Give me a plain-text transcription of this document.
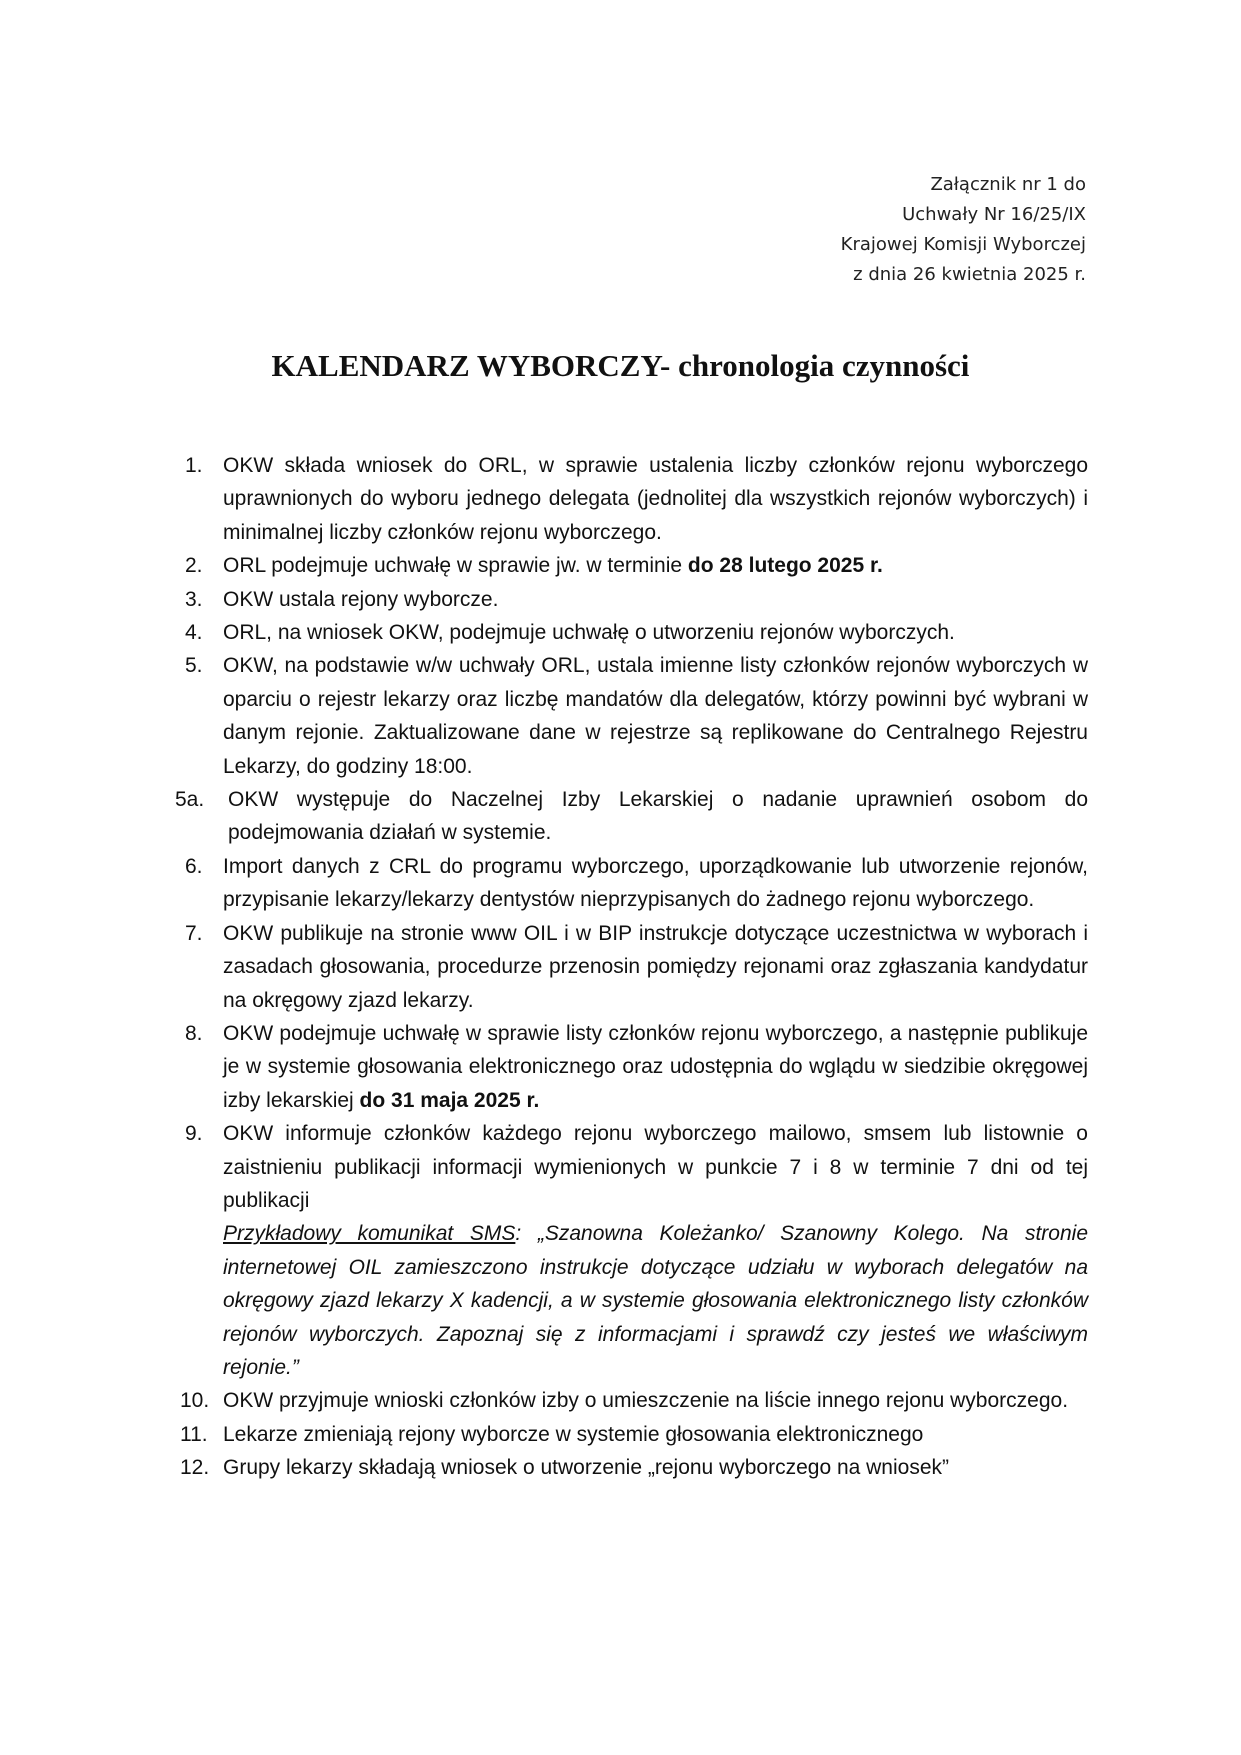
Załącznik nr 1 do
Uchwały Nr 16/25/IX
Krajowej Komisji Wyborczej
z dnia 26 kwietnia 2025 r.
KALENDARZ WYBORCZY- chronologia czynności
1. OKW składa wniosek do ORL, w sprawie ustalenia liczby członków rejonu wyborczego uprawnionych do wyboru jednego delegata (jednolitej dla wszystkich rejonów wyborczych) i minimalnej liczby członków rejonu wyborczego.
2. ORL podejmuje uchwałę w sprawie jw. w terminie do 28 lutego 2025 r.
3. OKW ustala rejony wyborcze.
4. ORL, na wniosek OKW, podejmuje uchwałę o utworzeniu rejonów wyborczych.
5. OKW, na podstawie w/w uchwały ORL, ustala imienne listy członków rejonów wyborczych w oparciu o rejestr lekarzy oraz liczbę mandatów dla delegatów, którzy powinni być wybrani w danym rejonie. Zaktualizowane dane w rejestrze są replikowane do Centralnego Rejestru Lekarzy, do godziny 18:00.
5a. OKW występuje do Naczelnej Izby Lekarskiej o nadanie uprawnień osobom do podejmowania działań w systemie.
6. Import danych z CRL do programu wyborczego, uporządkowanie lub utworzenie rejonów, przypisanie lekarzy/lekarzy dentystów nieprzypisanych do żadnego rejonu wyborczego.
7. OKW publikuje na stronie www OIL i w BIP instrukcje dotyczące uczestnictwa w wyborach i zasadach głosowania, procedurze przenosin pomiędzy rejonami oraz zgłaszania kandydatur na okręgowy zjazd lekarzy.
8. OKW podejmuje uchwałę w sprawie listy członków rejonu wyborczego, a następnie publikuje je w systemie głosowania elektronicznego oraz udostępnia do wglądu w siedzibie okręgowej izby lekarskiej do 31 maja 2025 r.
9. OKW informuje członków każdego rejonu wyborczego mailowo, smsem lub listownie o zaistnieniu publikacji informacji wymienionych w punkcie 7 i 8 w terminie 7 dni od tej publikacji
Przykładowy komunikat SMS: „Szanowna Koleżanko/ Szanowny Kolego. Na stronie internetowej OIL zamieszczono instrukcje dotyczące udziału w wyborach delegatów na okręgowy zjazd lekarzy X kadencji, a w systemie głosowania elektronicznego listy członków rejonów wyborczych. Zapoznaj się z informacjami i sprawdź czy jesteś we właściwym rejonie.”
10. OKW przyjmuje wnioski członków izby o umieszczenie na liście innego rejonu wyborczego.
11. Lekarze zmieniają rejony wyborcze w systemie głosowania elektronicznego
12. Grupy lekarzy składają wniosek o utworzenie „rejonu wyborczego na wniosek”
